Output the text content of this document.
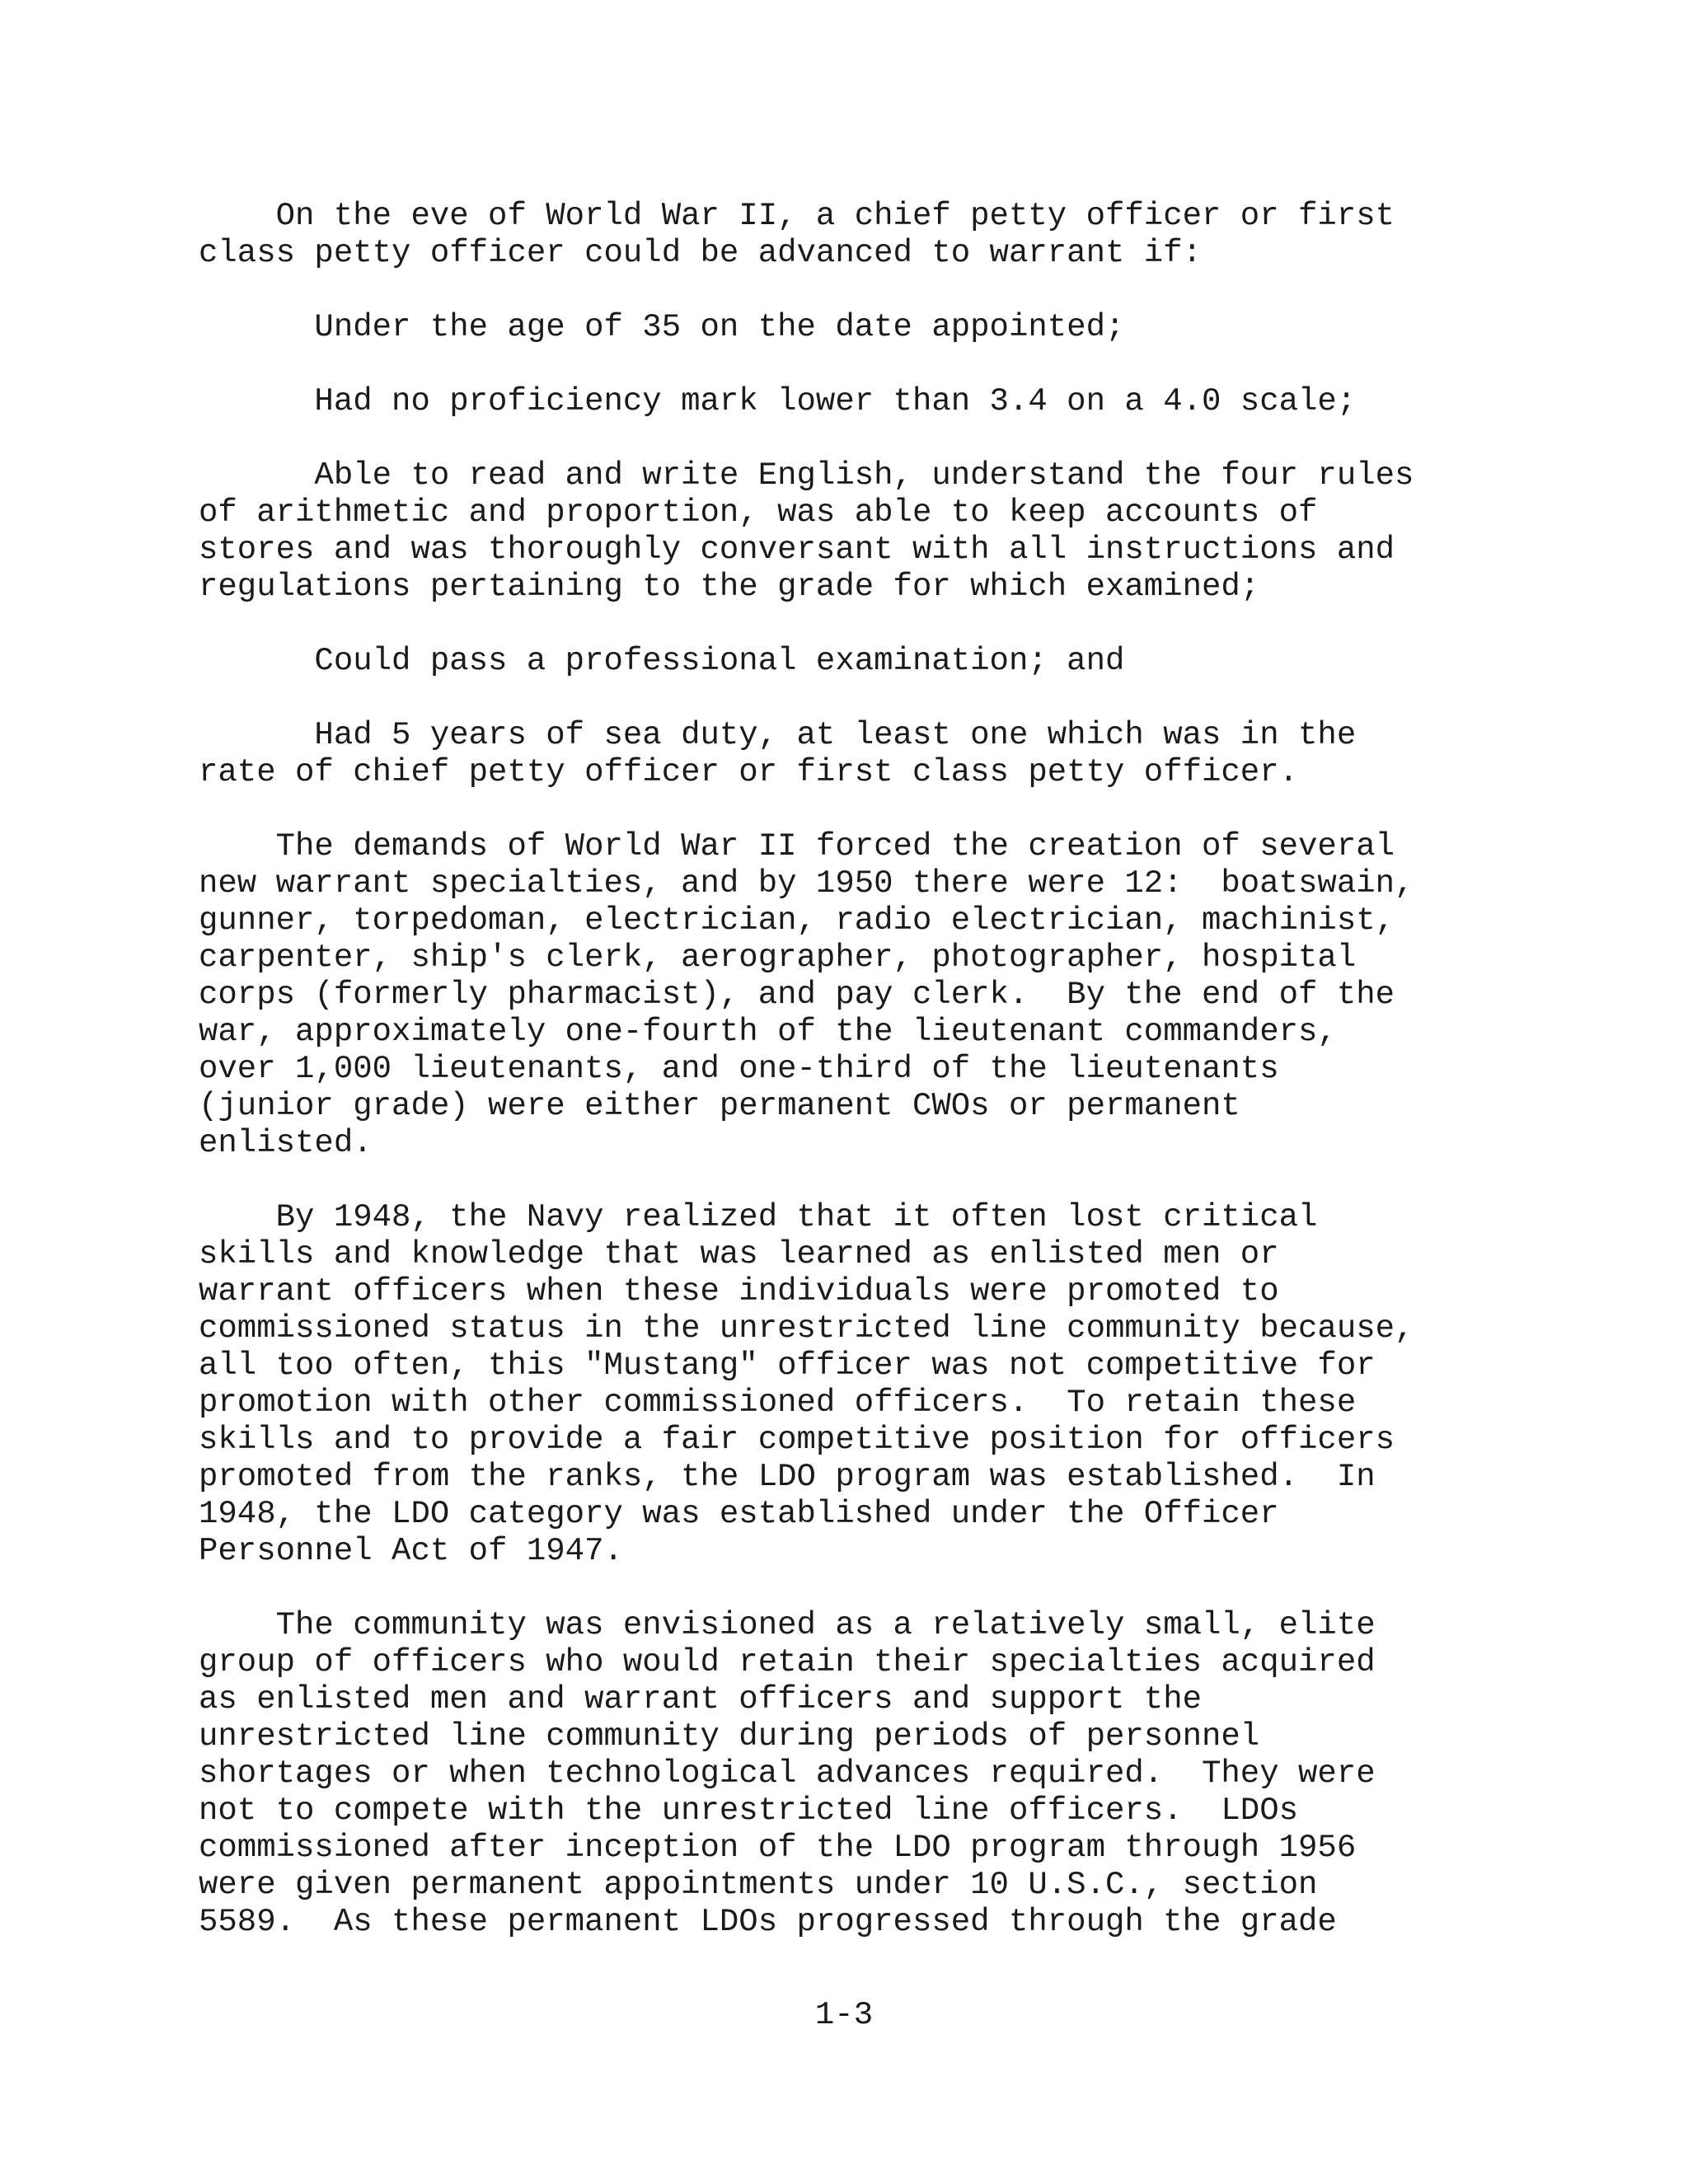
On the eve of World War II, a chief petty officer or first
class petty officer could be advanced to warrant if:
Under the age of 35 on the date appointed;
Had no proficiency mark lower than 3.4 on a 4.0 scale;
Able to read and write English, understand the four rules
of arithmetic and proportion, was able to keep accounts of
stores and was thoroughly conversant with all instructions and
regulations pertaining to the grade for which examined;
Could pass a professional examination; and
Had 5 years of sea duty, at least one which was in the
rate of chief petty officer or first class petty officer.
The demands of World War II forced the creation of several
new warrant specialties, and by 1950 there were 12:  boatswain,
gunner, torpedoman, electrician, radio electrician, machinist,
carpenter, ship's clerk, aerographer, photographer, hospital
corps (formerly pharmacist), and pay clerk.  By the end of the
war, approximately one-fourth of the lieutenant commanders,
over 1,000 lieutenants, and one-third of the lieutenants
(junior grade) were either permanent CWOs or permanent
enlisted.
By 1948, the Navy realized that it often lost critical
skills and knowledge that was learned as enlisted men or
warrant officers when these individuals were promoted to
commissioned status in the unrestricted line community because,
all too often, this "Mustang" officer was not competitive for
promotion with other commissioned officers.  To retain these
skills and to provide a fair competitive position for officers
promoted from the ranks, the LDO program was established.  In
1948, the LDO category was established under the Officer
Personnel Act of 1947.
The community was envisioned as a relatively small, elite
group of officers who would retain their specialties acquired
as enlisted men and warrant officers and support the
unrestricted line community during periods of personnel
shortages or when technological advances required.  They were
not to compete with the unrestricted line officers.  LDOs
commissioned after inception of the LDO program through 1956
were given permanent appointments under 10 U.S.C., section
5589.  As these permanent LDOs progressed through the grade
1-3
